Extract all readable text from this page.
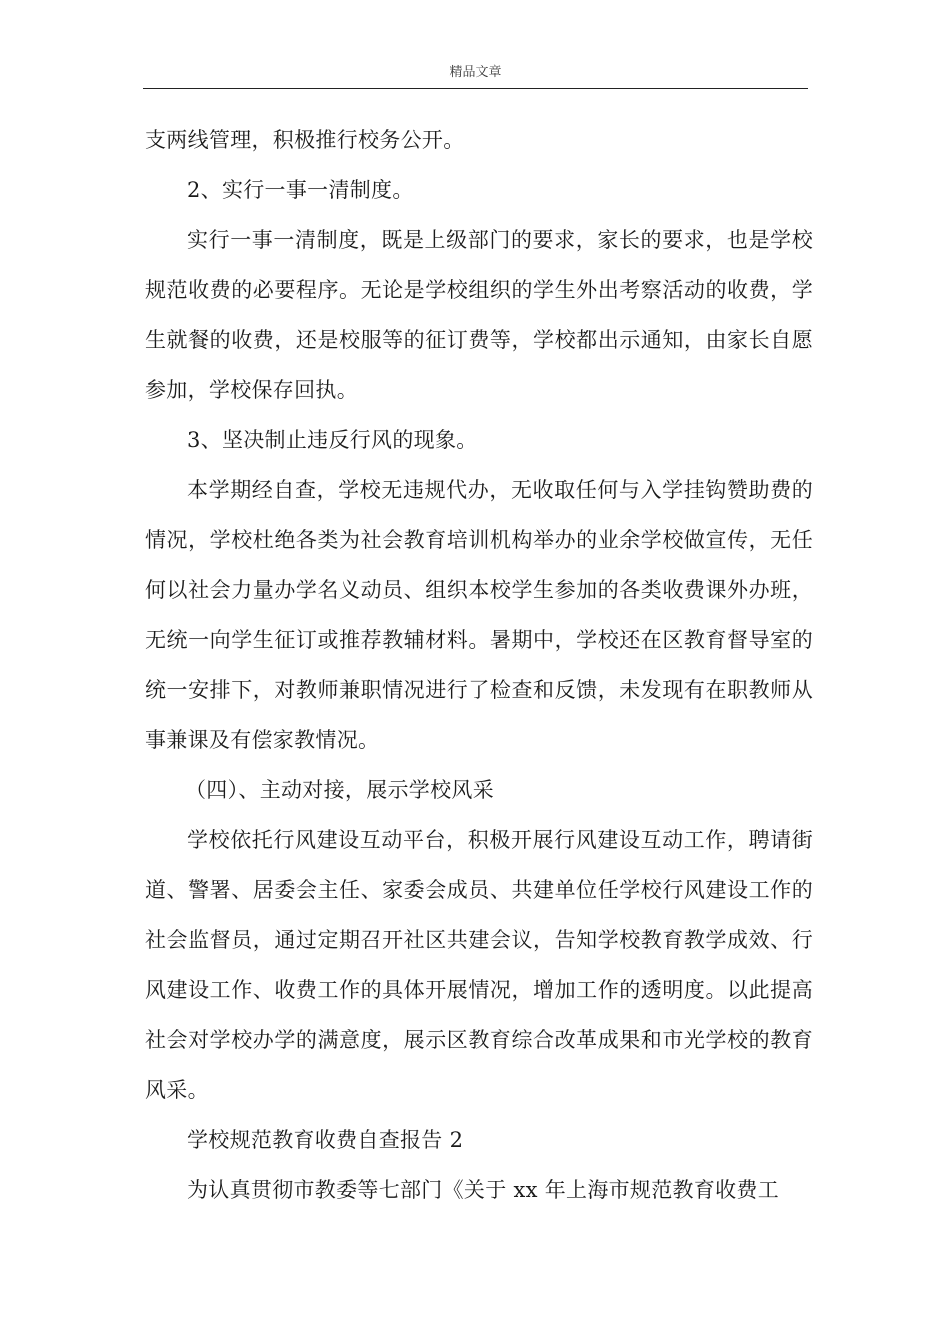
精品文章

支两线管理，积极推行校务公开。

2、实行一事一清制度。

实行一事一清制度，既是上级部门的要求，家长的要求，也是学校规范收费的必要程序。无论是学校组织的学生外出考察活动的收费，学生就餐的收费，还是校服等的征订费等，学校都出示通知，由家长自愿参加，学校保存回执。

3、坚决制止违反行风的现象。

本学期经自查，学校无违规代办，无收取任何与入学挂钩赞助费的情况，学校杜绝各类为社会教育培训机构举办的业余学校做宣传，无任何以社会力量办学名义动员、组织本校学生参加的各类收费课外办班，无统一向学生征订或推荐教辅材料。暑期中，学校还在区教育督导室的统一安排下，对教师兼职情况进行了检查和反馈，未发现有在职教师从事兼课及有偿家教情况。

（四）、主动对接，展示学校风采

学校依托行风建设互动平台，积极开展行风建设互动工作，聘请街道、警署、居委会主任、家委会成员、共建单位任学校行风建设工作的社会监督员，通过定期召开社区共建会议，告知学校教育教学成效、行风建设工作、收费工作的具体开展情况，增加工作的透明度。以此提高社会对学校办学的满意度，展示区教育综合改革成果和市光学校的教育风采。

学校规范教育收费自查报告 2

为认真贯彻市教委等七部门《关于 xx 年上海市规范教育收费工
